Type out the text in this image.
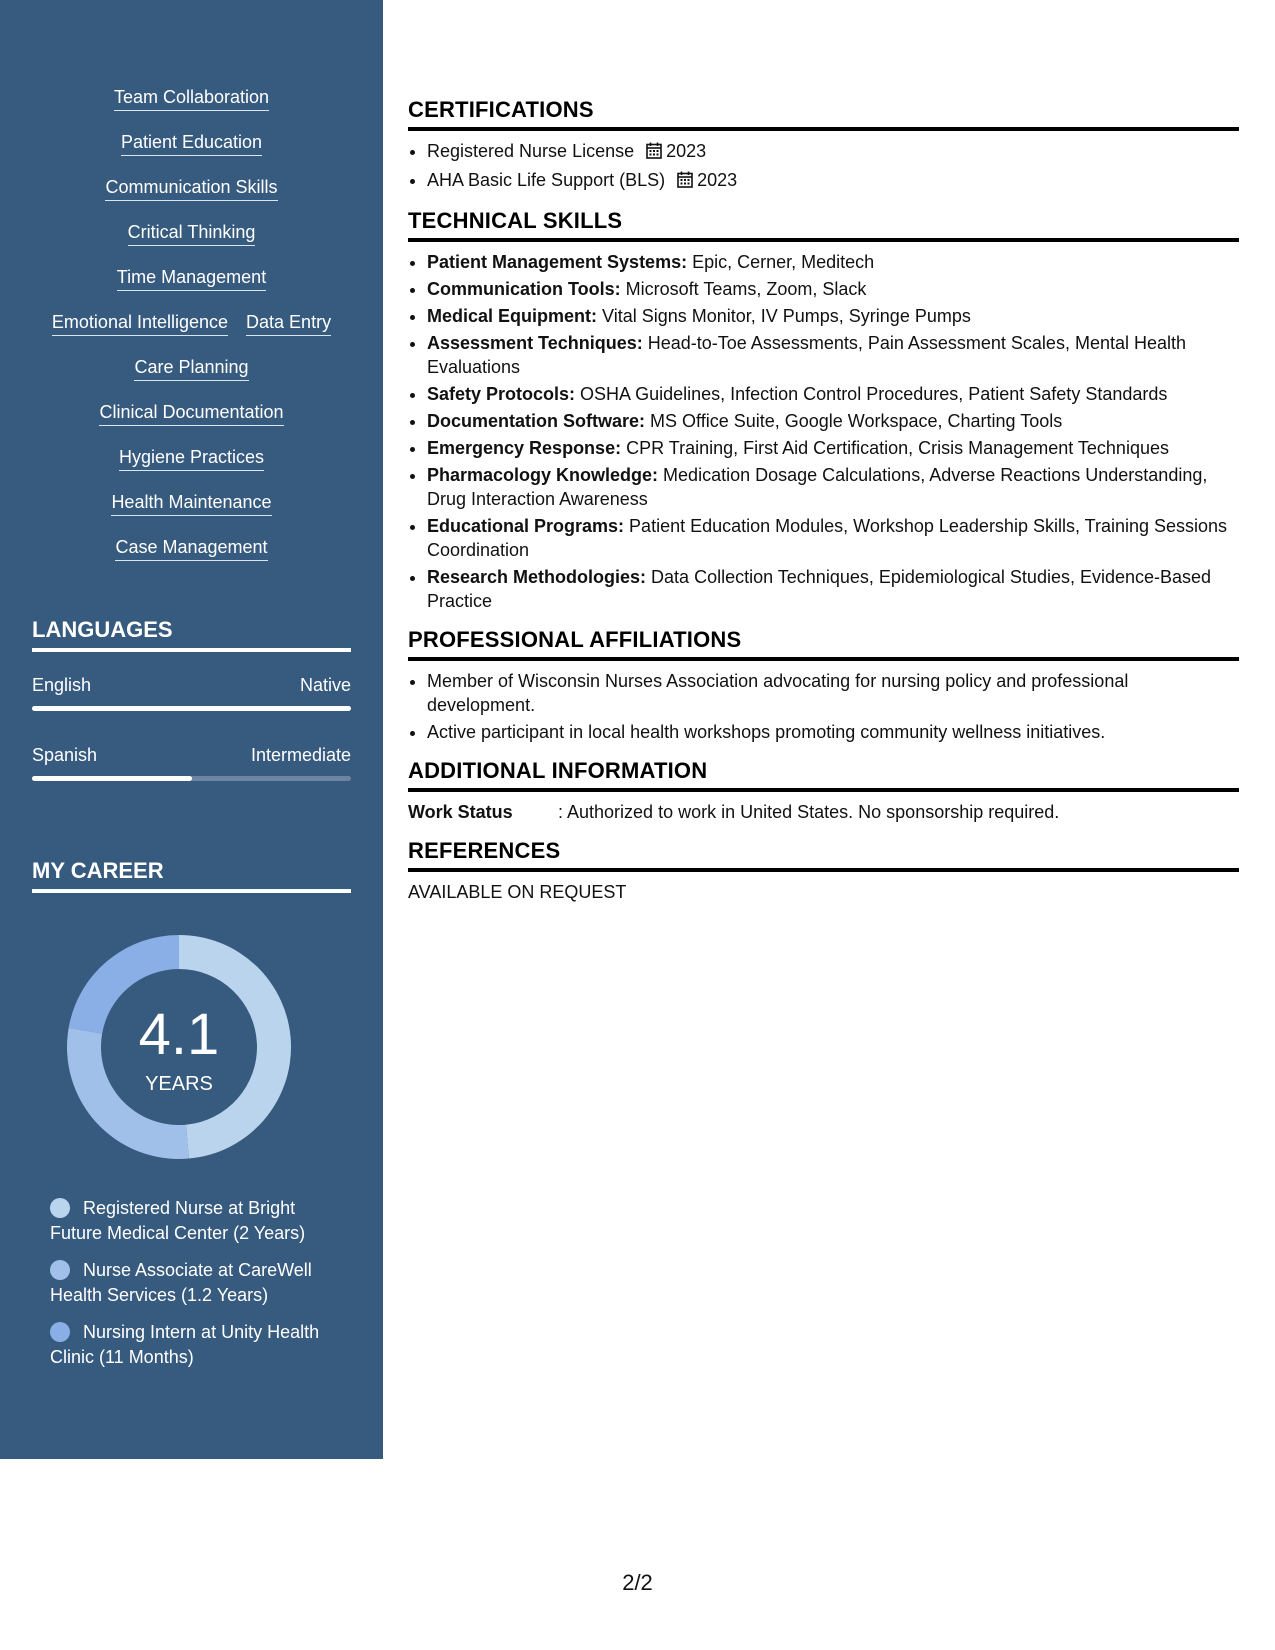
Team Collaboration
Patient Education
Communication Skills
Critical Thinking
Time Management
Emotional Intelligence Data Entry
Care Planning
Clinical Documentation
Hygiene Practices
Health Maintenance
Case Management
LANGUAGES
English	Native
Spanish	Intermediate
MY CAREER
4.1
YEARS
Registered Nurse at Bright Future Medical Center (2 Years)
Nurse Associate at CareWell Health Services (1.2 Years)
Nursing Intern at Unity Health Clinic (11 Months)
CERTIFICATIONS
• Registered Nurse License 2023
• AHA Basic Life Support (BLS) 2023
TECHNICAL SKILLS
• Patient Management Systems: Epic, Cerner, Meditech
• Communication Tools: Microsoft Teams, Zoom, Slack
• Medical Equipment: Vital Signs Monitor, IV Pumps, Syringe Pumps
• Assessment Techniques: Head-to-Toe Assessments, Pain Assessment Scales, Mental Health Evaluations
• Safety Protocols: OSHA Guidelines, Infection Control Procedures, Patient Safety Standards
• Documentation Software: MS Office Suite, Google Workspace, Charting Tools
• Emergency Response: CPR Training, First Aid Certification, Crisis Management Techniques
• Pharmacology Knowledge: Medication Dosage Calculations, Adverse Reactions Understanding, Drug Interaction Awareness
• Educational Programs: Patient Education Modules, Workshop Leadership Skills, Training Sessions Coordination
• Research Methodologies: Data Collection Techniques, Epidemiological Studies, Evidence-Based Practice
PROFESSIONAL AFFILIATIONS
• Member of Wisconsin Nurses Association advocating for nursing policy and professional development.
• Active participant in local health workshops promoting community wellness initiatives.
ADDITIONAL INFORMATION
Work Status	: Authorized to work in United States. No sponsorship required.
REFERENCES
AVAILABLE ON REQUEST
2/2
